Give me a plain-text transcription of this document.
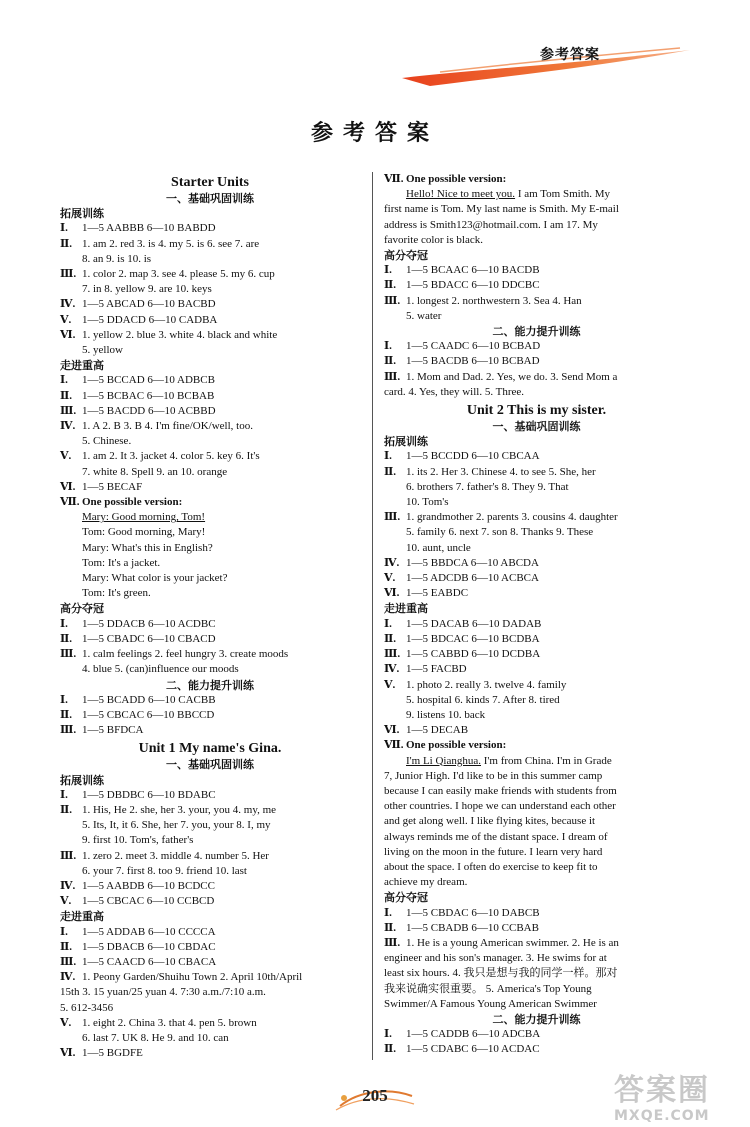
参考答案
参考答案
Starter Units
一、基础巩固训练
拓展训练
Ⅰ. 1—5 AABBB 6—10 BABDD
Ⅱ. 1. am 2. red 3. is 4. my 5. is 6. see 7. are
8. an 9. is 10. is
Ⅲ. 1. color 2. map 3. see 4. please 5. my 6. cup
7. in 8. yellow 9. are 10. keys
Ⅳ. 1—5 ABCAD 6—10 BACBD
Ⅴ. 1—5 DDACD 6—10 CADBA
Ⅵ. 1. yellow 2. blue 3. white 4. black and white
5. yellow
走进重高
Ⅰ. 1—5 BCCAD 6—10 ADBCB
Ⅱ. 1—5 BCBAC 6—10 BCBAB
Ⅲ. 1—5 BACDD 6—10 ACBBD
Ⅳ. 1. A 2. B 3. B 4. I'm fine/OK/well, too.
5. Chinese.
Ⅴ. 1. am 2. It 3. jacket 4. color 5. key 6. It's
7. white 8. Spell 9. an 10. orange
Ⅵ. 1—5 BECAF
Ⅶ. One possible version:
Mary: Good morning, Tom!
Tom: Good morning, Mary!
Mary: What's this in English?
Tom: It's a jacket.
Mary: What color is your jacket?
Tom: It's green.
高分夺冠
Ⅰ. 1—5 DDACB 6—10 ACDBC
Ⅱ. 1—5 CBADC 6—10 CBACD
Ⅲ. 1. calm feelings 2. feel hungry 3. create moods
4. blue 5. (can)influence our moods
二、能力提升训练
Ⅰ. 1—5 BCADD 6—10 CACBB
Ⅱ. 1—5 CBCAC 6—10 BBCCD
Ⅲ. 1—5 BFDCA
Unit 1 My name's Gina.
一、基础巩固训练
拓展训练
Ⅰ. 1—5 DBDBC 6—10 BDABC
Ⅱ. 1. His, He 2. she, her 3. your, you 4. my, me
5. Its, It, it 6. She, her 7. you, your 8. I, my
9. first 10. Tom's, father's
Ⅲ. 1. zero 2. meet 3. middle 4. number 5. Her
6. your 7. first 8. too 9. friend 10. last
Ⅳ. 1—5 AABDB 6—10 BCDCC
Ⅴ. 1—5 CBCAC 6—10 CCBCD
走进重高
Ⅰ. 1—5 ADDAB 6—10 CCCCA
Ⅱ. 1—5 DBACB 6—10 CBDAC
Ⅲ. 1—5 CAACD 6—10 CBACA
Ⅳ. 1. Peony Garden/Shuihu Town 2. April 10th/April
15th 3. 15 yuan/25 yuan 4. 7:30 a.m./7:10 a.m.
5. 612-3456
Ⅴ. 1. eight 2. China 3. that 4. pen 5. brown
6. last 7. UK 8. He 9. and 10. can
Ⅵ. 1—5 BGDFE
Ⅶ. One possible version:
Hello! Nice to meet you. I am Tom Smith. My
first name is Tom. My last name is Smith. My E-mail
address is Smith123@hotmail.com. I am 17. My
favorite color is black.
高分夺冠
Ⅰ. 1—5 BCAAC 6—10 BACDB
Ⅱ. 1—5 BDACC 6—10 DDCBC
Ⅲ. 1. longest 2. northwestern 3. Sea 4. Han
5. water
二、能力提升训练
Ⅰ. 1—5 CAADC 6—10 BCBAD
Ⅱ. 1—5 BACDB 6—10 BCBAD
Ⅲ. 1. Mom and Dad. 2. Yes, we do. 3. Send Mom a
card. 4. Yes, they will. 5. Three.
Unit 2 This is my sister.
一、基础巩固训练
拓展训练
Ⅰ. 1—5 BCCDD 6—10 CBCAA
Ⅱ. 1. its 2. Her 3. Chinese 4. to see 5. She, her
6. brothers 7. father's 8. They 9. That
10. Tom's
Ⅲ. 1. grandmother 2. parents 3. cousins 4. daughter
5. family 6. next 7. son 8. Thanks 9. These
10. aunt, uncle
Ⅳ. 1—5 BBDCA 6—10 ABCDA
Ⅴ. 1—5 ADCDB 6—10 ACBCA
Ⅵ. 1—5 EABDC
走进重高
Ⅰ. 1—5 DACAB 6—10 DADAB
Ⅱ. 1—5 BDCAC 6—10 BCDBA
Ⅲ. 1—5 CABBD 6—10 DCDBA
Ⅳ. 1—5 FACBD
Ⅴ. 1. photo 2. really 3. twelve 4. family
5. hospital 6. kinds 7. After 8. tired
9. listens 10. back
Ⅵ. 1—5 DECAB
Ⅶ. One possible version:
I'm Li Qianghua. I'm from China. I'm in Grade
7, Junior High. I'd like to be in this summer camp
because I can easily make friends with students from
other countries. I hope we can understand each other
and get along well. I like flying kites, because it
always reminds me of the distant space. I dream of
living on the moon in the future. I learn very hard
about the space. I often do exercise to keep fit to
achieve my dream.
高分夺冠
Ⅰ. 1—5 CBDAC 6—10 DABCB
Ⅱ. 1—5 CBADB 6—10 CCBAB
Ⅲ. 1. He is a young American swimmer. 2. He is an
engineer and his son's manager. 3. He swims for at
least six hours. 4. 我只是想与我的同学一样。那对
我来说确实很重要。 5. America's Top Young
Swimmer/A Famous Young American Swimmer
二、能力提升训练
Ⅰ. 1—5 CADDB 6—10 ADCBA
Ⅱ. 1—5 CDABC 6—10 ACDAC
205	答案圈
MXQE.COM
